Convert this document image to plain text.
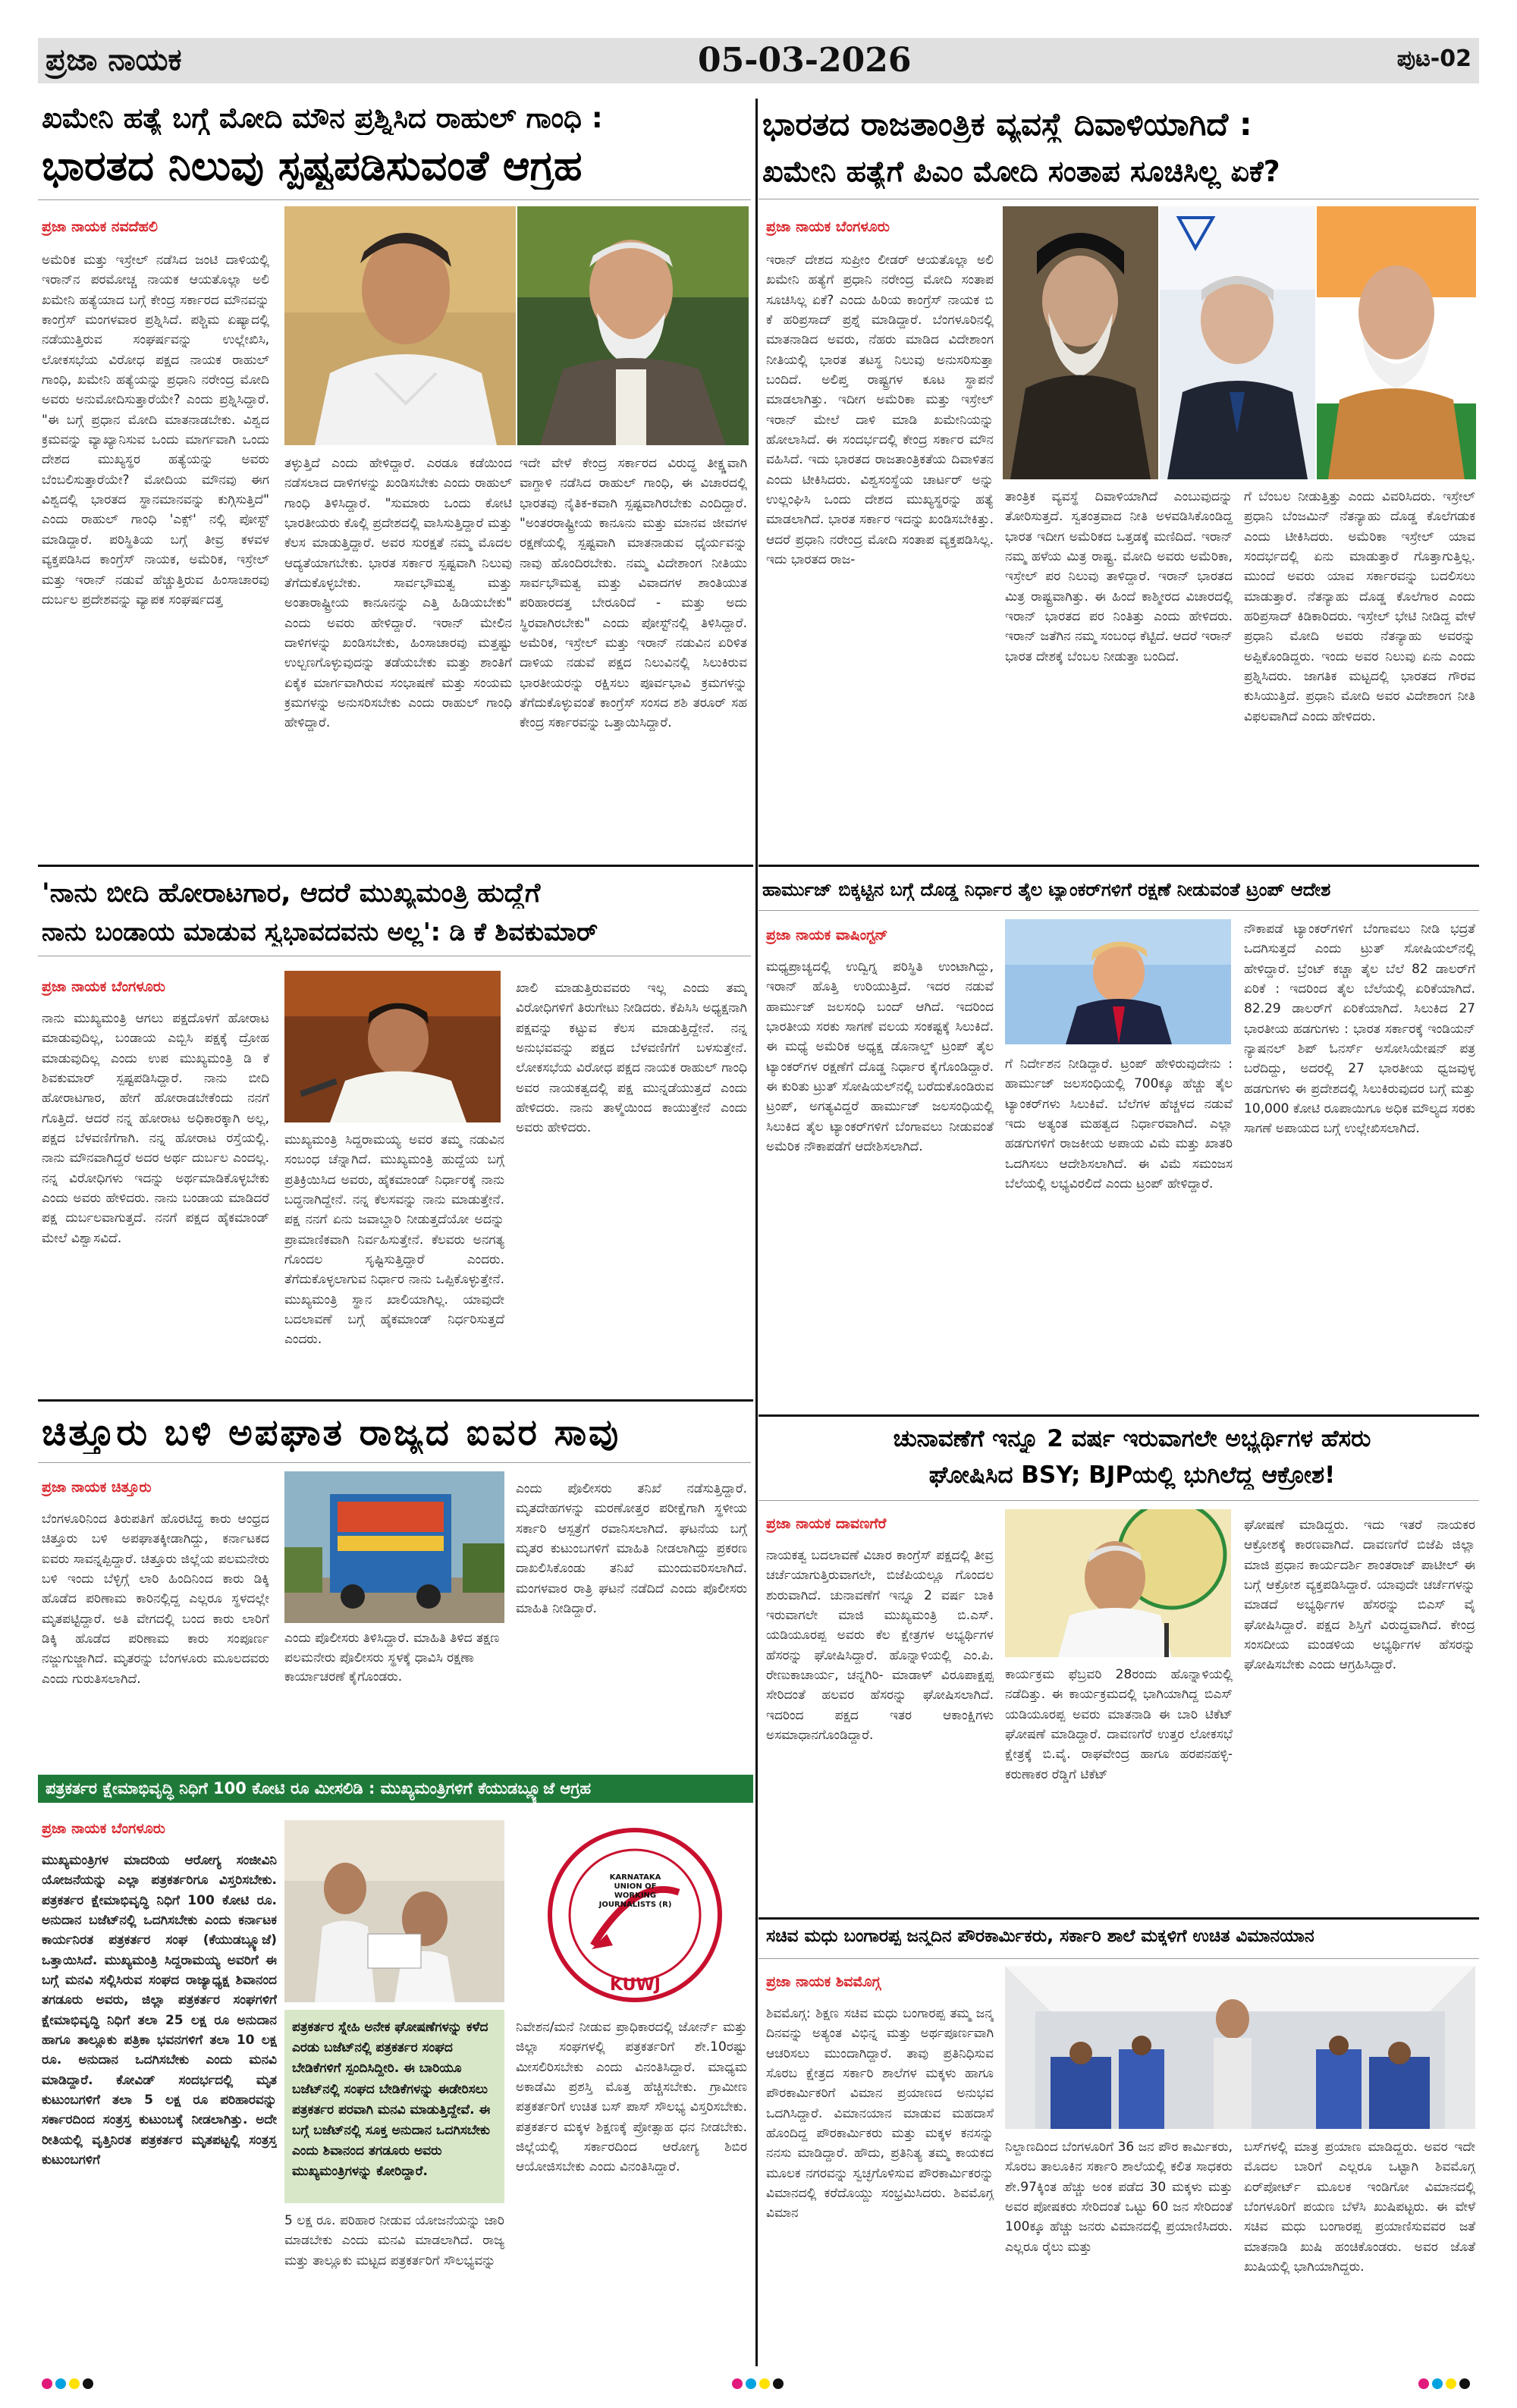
ಪ್ರಜಾ ನಾಯಕ	05-03-2026	ಪುಟ-02
ಖಮೇನಿ ಹತ್ಯೆ ಬಗ್ಗೆ ಮೋದಿ ಮೌನ ಪ್ರಶ್ನಿಸಿದ ರಾಹುಲ್ ಗಾಂಧಿ :
ಭಾರತದ ನಿಲುವು ಸ್ಪಷ್ಟಪಡಿಸುವಂತೆ ಆಗ್ರಹ
ಪ್ರಜಾ ನಾಯಕ ನವದೆಹಲಿ
ಅಮೆರಿಕ ಮತ್ತು ಇಸ್ರೇಲ್ ನಡೆಸಿದ ಜಂಟಿ ದಾಳಿಯಲ್ಲಿ ಇರಾನ್‌ನ ಪರಮೋಚ್ಚ ನಾಯಕ ಆಯತೊಲ್ಲಾ ಅಲಿ ಖಮೇನಿ ಹತ್ಯೆಯಾದ ಬಗ್ಗೆ ಕೇಂದ್ರ ಸರ್ಕಾರದ ಮೌನವನ್ನು ಕಾಂಗ್ರೆಸ್ ಮಂಗಳವಾರ ಪ್ರಶ್ನಿಸಿದೆ. ಪಶ್ಚಿಮ ಏಷ್ಯಾದಲ್ಲಿ ನಡೆಯುತ್ತಿರುವ ಸಂಘರ್ಷವನ್ನು ಉಲ್ಲೇಖಿಸಿ, ಲೋಕಸಭೆಯ ವಿರೋಧ ಪಕ್ಷದ ನಾಯಕ ರಾಹುಲ್ ಗಾಂಧಿ, ಖಮೇನಿ ಹತ್ಯೆಯನ್ನು ಪ್ರಧಾನಿ ನರೇಂದ್ರ ಮೋದಿ ಅವರು ಅನುಮೋದಿಸುತ್ತಾರೆಯೇ? ಎಂದು ಪ್ರಶ್ನಿಸಿದ್ದಾರೆ. "ಈ ಬಗ್ಗೆ ಪ್ರಧಾನ ಮೋದಿ ಮಾತನಾಡಬೇಕು. ವಿಶ್ವದ ಕ್ರಮವನ್ನು ವ್ಯಾಖ್ಯಾನಿಸುವ ಒಂದು ಮಾರ್ಗವಾಗಿ ಒಂದು ದೇಶದ ಮುಖ್ಯಸ್ಥರ ಹತ್ಯೆಯನ್ನು ಅವರು ಬೆಂಬಲಿಸುತ್ತಾರೆಯೇ? ಮೋದಿಯ ಮೌನವು ಈಗ ವಿಶ್ವದಲ್ಲಿ ಭಾರತದ ಸ್ಥಾನಮಾನವನ್ನು ಕುಗ್ಗಿಸುತ್ತಿದೆ" ಎಂದು ರಾಹುಲ್ ಗಾಂಧಿ 'ಎಕ್ಸ್' ನಲ್ಲಿ ಪೋಸ್ಟ್ ಮಾಡಿದ್ದಾರೆ. ಪರಿಸ್ಥಿತಿಯ ಬಗ್ಗೆ ತೀವ್ರ ಕಳವಳ ವ್ಯಕ್ತಪಡಿಸಿದ ಕಾಂಗ್ರೆಸ್ ನಾಯಕ, ಅಮೆರಿಕ, ಇಸ್ರೇಲ್ ಮತ್ತು ಇರಾನ್ ನಡುವೆ ಹೆಚ್ಚುತ್ತಿರುವ ಹಿಂಸಾಚಾರವು ದುರ್ಬಲ ಪ್ರದೇಶವನ್ನು ವ್ಯಾಪಕ ಸಂಘರ್ಷದತ್ತ
ತಳ್ಳುತ್ತಿದೆ ಎಂದು ಹೇಳಿದ್ದಾರೆ. ಎರಡೂ ಕಡೆಯಿಂದ ನಡೆಸಲಾದ ದಾಳಿಗಳನ್ನು ಖಂಡಿಸಬೇಕು ಎಂದು ರಾಹುಲ್ ಗಾಂಧಿ ತಿಳಿಸಿದ್ದಾರೆ. "ಸುಮಾರು ಒಂದು ಕೋಟಿ ಭಾರತೀಯರು ಕೊಲ್ಲಿ ಪ್ರದೇಶದಲ್ಲಿ ವಾಸಿಸುತ್ತಿದ್ದಾರೆ ಮತ್ತು ಕೆಲಸ ಮಾಡುತ್ತಿದ್ದಾರೆ. ಅವರ ಸುರಕ್ಷತೆ ನಮ್ಮ ಮೊದಲ ಆದ್ಯತೆಯಾಗಬೇಕು. ಭಾರತ ಸರ್ಕಾರ ಸ್ಪಷ್ಟವಾಗಿ ನಿಲುವು ತೆಗೆದುಕೊಳ್ಳಬೇಕು. ಸಾರ್ವಭೌಮತ್ವ ಮತ್ತು ಅಂತಾರಾಷ್ಟ್ರೀಯ ಕಾನೂನನ್ನು ಎತ್ತಿ ಹಿಡಿಯಬೇಕು" ಎಂದು ಅವರು ಹೇಳಿದ್ದಾರೆ. ಇರಾನ್ ಮೇಲಿನ ದಾಳಿಗಳನ್ನು ಖಂಡಿಸಬೇಕು, ಹಿಂಸಾಚಾರವು ಮತ್ತಷ್ಟು ಉಲ್ಬಣಗೊಳ್ಳುವುದನ್ನು ತಡೆಯಬೇಕು ಮತ್ತು ಶಾಂತಿಗೆ ಏಕೈಕ ಮಾರ್ಗವಾಗಿರುವ ಸಂಭಾಷಣೆ ಮತ್ತು ಸಂಯಮ ಕ್ರಮಗಳನ್ನು ಅನುಸರಿಸಬೇಕು ಎಂದು ರಾಹುಲ್ ಗಾಂಧಿ ಹೇಳಿದ್ದಾರೆ.
ಇದೇ ವೇಳೆ ಕೇಂದ್ರ ಸರ್ಕಾರದ ವಿರುದ್ಧ ತೀಕ್ಷ್ಣವಾಗಿ ವಾಗ್ದಾಳಿ ನಡೆಸಿದ ರಾಹುಲ್ ಗಾಂಧಿ, ಈ ವಿಚಾರದಲ್ಲಿ ಭಾರತವು ನೈತಿಕ-ಕವಾಗಿ ಸ್ಪಷ್ಟವಾಗಿರಬೇಕು ಎಂದಿದ್ದಾರೆ. "ಅಂತರರಾಷ್ಟ್ರೀಯ ಕಾನೂನು ಮತ್ತು ಮಾನವ ಜೀವಗಳ ರಕ್ಷಣೆಯಲ್ಲಿ ಸ್ಪಷ್ಟವಾಗಿ ಮಾತನಾಡುವ ಧೈರ್ಯವನ್ನು ನಾವು ಹೊಂದಿರಬೇಕು. ನಮ್ಮ ವಿದೇಶಾಂಗ ನೀತಿಯು ಸಾರ್ವಭೌಮತ್ವ ಮತ್ತು ವಿವಾದಗಳ ಶಾಂತಿಯುತ ಪರಿಹಾರದತ್ತ ಬೇರೂರಿದೆ - ಮತ್ತು ಅದು ಸ್ಥಿರವಾಗಿರಬೇಕು" ಎಂದು ಪೋಸ್ಟ್‌ನಲ್ಲಿ ತಿಳಿಸಿದ್ದಾರೆ. ಅಮೆರಿಕ, ಇಸ್ರೇಲ್ ಮತ್ತು ಇರಾನ್ ನಡುವಿನ ಏರಿಳಿತ ದಾಳಿಯ ನಡುವೆ ಪಕ್ಷದ ನಿಲುವಿನಲ್ಲಿ ಸಿಲುಕಿರುವ ಭಾರತೀಯರನ್ನು ರಕ್ಷಿಸಲು ಪೂರ್ವಭಾವಿ ಕ್ರಮಗಳನ್ನು ತೆಗೆದುಕೊಳ್ಳುವಂತೆ ಕಾಂಗ್ರೆಸ್ ಸಂಸದ ಶಶಿ ತರೂರ್ ಸಹ ಕೇಂದ್ರ ಸರ್ಕಾರವನ್ನು ಒತ್ತಾಯಿಸಿದ್ದಾರೆ.
ಭಾರತದ ರಾಜತಾಂತ್ರಿಕ ವ್ಯವಸ್ಥೆ ದಿವಾಳಿಯಾಗಿದೆ :
ಖಮೇನಿ ಹತ್ಯೆಗೆ ಪಿಎಂ ಮೋದಿ ಸಂತಾಪ ಸೂಚಿಸಿಲ್ಲ ಏಕೆ?
ಪ್ರಜಾ ನಾಯಕ ಬೆಂಗಳೂರು
ಇರಾನ್ ದೇಶದ ಸುಪ್ರೀಂ ಲೀಡರ್ ಆಯತೊಲ್ಲಾ ಅಲಿ ಖಮೇನಿ ಹತ್ಯೆಗೆ ಪ್ರಧಾನಿ ನರೇಂದ್ರ ಮೋದಿ ಸಂತಾಪ ಸೂಚಿಸಿಲ್ಲ ಏಕೆ? ಎಂದು ಹಿರಿಯ ಕಾಂಗ್ರೆಸ್ ನಾಯಕ ಬಿ ಕೆ ಹರಿಪ್ರಸಾದ್ ಪ್ರಶ್ನೆ ಮಾಡಿದ್ದಾರೆ. ಬೆಂಗಳೂರಿನಲ್ಲಿ ಮಾತನಾಡಿದ ಅವರು, ನೆಹರು ಮಾಡಿದ ವಿದೇಶಾಂಗ ನೀತಿಯಲ್ಲಿ ಭಾರತ ತಟಸ್ಥ ನಿಲುವು ಅನುಸರಿಸುತ್ತಾ ಬಂದಿದೆ. ಅಲಿಪ್ತ ರಾಷ್ಟ್ರಗಳ ಕೂಟ ಸ್ಥಾಪನೆ ಮಾಡಲಾಗಿತ್ತು. ಇದೀಗ ಅಮೆರಿಕಾ ಮತ್ತು ಇಸ್ರೇಲ್ ಇರಾನ್ ಮೇಲೆ ದಾಳಿ ಮಾಡಿ ಖಮೇನಿಯನ್ನು ಹೋಲಾಸಿದೆ. ಈ ಸಂದರ್ಭದಲ್ಲಿ ಕೇಂದ್ರ ಸರ್ಕಾರ ಮೌನ ವಹಿಸಿದೆ. ಇದು ಭಾರತದ ರಾಜತಾಂತ್ರಿಕತೆಯ ದಿವಾಳಿತನ ಎಂದು ಟೀಕಿಸಿದರು. ವಿಶ್ವಸಂಸ್ಥೆಯ ಚಾರ್ಟರ್ ಅನ್ನು ಉಲ್ಲಂಘಿಸಿ ಒಂದು ದೇಶದ ಮುಖ್ಯಸ್ಥರನ್ನು ಹತ್ಯೆ ಮಾಡಲಾಗಿದೆ. ಭಾರತ ಸರ್ಕಾರ ಇದನ್ನು ಖಂಡಿಸಬೇಕಿತ್ತು. ಆದರೆ ಪ್ರಧಾನಿ ನರೇಂದ್ರ ಮೋದಿ ಸಂತಾಪ ವ್ಯಕ್ತಪಡಿಸಿಲ್ಲ. ಇದು ಭಾರತದ ರಾಜ-
ತಾಂತ್ರಿಕ ವ್ಯವಸ್ಥೆ ದಿವಾಳಿಯಾಗಿದೆ ಎಂಬುವುದನ್ನು ತೋರಿಸುತ್ತದೆ. ಸ್ವತಂತ್ರವಾದ ನೀತಿ ಅಳವಡಿಸಿಕೊಂಡಿದ್ದ ಭಾರತ ಇದೀಗ ಅಮೆರಿಕದ ಒತ್ತಡಕ್ಕೆ ಮಣಿದಿದೆ. ಇರಾನ್ ನಮ್ಮ ಹಳೆಯ ಮಿತ್ರ ರಾಷ್ಟ್ರ. ಮೋದಿ ಅವರು ಅಮೆರಿಕಾ, ಇಸ್ರೇಲ್ ಪರ ನಿಲುವು ತಾಳಿದ್ದಾರೆ. ಇರಾನ್ ಭಾರತದ ಮಿತ್ರ ರಾಷ್ಟ್ರವಾಗಿತ್ತು. ಈ ಹಿಂದೆ ಕಾಶ್ಮೀರದ ವಿಚಾರದಲ್ಲಿ ಇರಾನ್ ಭಾರತದ ಪರ ನಿಂತಿತ್ತು ಎಂದು ಹೇಳಿದರು. ಇರಾನ್ ಜತೆಗಿನ ನಮ್ಮ ಸಂಬಂಧ ಕೆಟ್ಟಿದೆ. ಆದರೆ ಇರಾನ್ ಭಾರತ ದೇಶಕ್ಕೆ ಬೆಂಬಲ ನೀಡುತ್ತಾ ಬಂದಿದೆ.
ಗೆ ಬೆಂಬಲ ನೀಡುತ್ತಿತ್ತು ಎಂದು ವಿವರಿಸಿದರು. ಇಸ್ರೇಲ್ ಪ್ರಧಾನಿ ಬೆಂಜಮಿನ್ ನೆತನ್ಯಾಹು ದೊಡ್ಡ ಕೊಲೆಗಡುಕ ಎಂದು ಟೀಕಿಸಿದರು. ಅಮೆರಿಕಾ ಇಸ್ರೇಲ್ ಯಾವ ಸಂದರ್ಭದಲ್ಲಿ ಏನು ಮಾಡುತ್ತಾರೆ ಗೊತ್ತಾಗುತ್ತಿಲ್ಲ. ಮುಂದೆ ಅವರು ಯಾವ ಸರ್ಕಾರವನ್ನು ಬದಲಿಸಲು ಮಾಡುತ್ತಾರೆ. ನೆತನ್ಯಾಹು ದೊಡ್ಡ ಕೊಲೆಗಾರ ಎಂದು ಹರಿಪ್ರಸಾದ್ ಕಿಡಿಕಾರಿದರು. ಇಸ್ರೇಲ್ ಭೇಟಿ ನೀಡಿದ್ದ ವೇಳೆ ಪ್ರಧಾನಿ ಮೋದಿ ಅವರು ನೆತನ್ಯಾಹು ಅವರನ್ನು ಅಪ್ಪಿಕೊಂಡಿದ್ದರು. ಇಂದು ಅವರ ನಿಲುವು ಏನು ಎಂದು ಪ್ರಶ್ನಿಸಿದರು. ಜಾಗತಿಕ ಮಟ್ಟದಲ್ಲಿ ಭಾರತದ ಗೌರವ ಕುಸಿಯುತ್ತಿದೆ. ಪ್ರಧಾನಿ ಮೋದಿ ಅವರ ವಿದೇಶಾಂಗ ನೀತಿ ವಿಫಲವಾಗಿದೆ ಎಂದು ಹೇಳಿದರು.
'ನಾನು ಬೀದಿ ಹೋರಾಟಗಾರ, ಆದರೆ ಮುಖ್ಯಮಂತ್ರಿ ಹುದ್ದೆಗೆ
ನಾನು ಬಂಡಾಯ ಮಾಡುವ ಸ್ವಭಾವದವನು ಅಲ್ಲ': ಡಿ ಕೆ ಶಿವಕುಮಾರ್
ಪ್ರಜಾ ನಾಯಕ ಬೆಂಗಳೂರು
ನಾನು ಮುಖ್ಯಮಂತ್ರಿ ಆಗಲು ಪಕ್ಷದೊಳಗೆ ಹೋರಾಟ ಮಾಡುವುದಿಲ್ಲ, ಬಂಡಾಯ ಎಬ್ಬಿಸಿ ಪಕ್ಷಕ್ಕೆ ದ್ರೋಹ ಮಾಡುವುದಿಲ್ಲ ಎಂದು ಉಪ ಮುಖ್ಯಮಂತ್ರಿ ಡಿ ಕೆ ಶಿವಕುಮಾರ್ ಸ್ಪಷ್ಟಪಡಿಸಿದ್ದಾರೆ. ನಾನು ಬೀದಿ ಹೋರಾಟಗಾರ, ಹೇಗೆ ಹೋರಾಡಬೇಕೆಂದು ನನಗೆ ಗೊತ್ತಿದೆ. ಆದರೆ ನನ್ನ ಹೋರಾಟ ಅಧಿಕಾರಕ್ಕಾಗಿ ಅಲ್ಲ, ಪಕ್ಷದ ಬೆಳವಣಿಗೆಗಾಗಿ. ನನ್ನ ಹೋರಾಟ ರಸ್ತೆಯಲ್ಲಿ. ನಾನು ಮೌನವಾಗಿದ್ದರೆ ಅದರ ಅರ್ಥ ದುರ್ಬಲ ಎಂದಲ್ಲ. ನನ್ನ ವಿರೋಧಿಗಳು ಇದನ್ನು ಅರ್ಥಮಾಡಿಕೊಳ್ಳಬೇಕು ಎಂದು ಅವರು ಹೇಳಿದರು. ನಾನು ಬಂಡಾಯ ಮಾಡಿದರೆ ಪಕ್ಷ ದುರ್ಬಲವಾಗುತ್ತದೆ. ನನಗೆ ಪಕ್ಷದ ಹೈಕಮಾಂಡ್ ಮೇಲೆ ವಿಶ್ವಾಸವಿದೆ.
ಮುಖ್ಯಮಂತ್ರಿ ಸಿದ್ದರಾಮಯ್ಯ ಅವರ ತಮ್ಮ ನಡುವಿನ ಸಂಬಂಧ ಚೆನ್ನಾಗಿದೆ. ಮುಖ್ಯಮಂತ್ರಿ ಹುದ್ದೆಯ ಬಗ್ಗೆ ಪ್ರತಿಕ್ರಿಯಿಸಿದ ಅವರು, ಹೈಕಮಾಂಡ್ ನಿರ್ಧಾರಕ್ಕೆ ನಾನು ಬದ್ಧನಾಗಿದ್ದೇನೆ. ನನ್ನ ಕೆಲಸವನ್ನು ನಾನು ಮಾಡುತ್ತೇನೆ. ಪಕ್ಷ ನನಗೆ ಏನು ಜವಾಬ್ದಾರಿ ನೀಡುತ್ತದೆಯೋ ಅದನ್ನು ಪ್ರಾಮಾಣಿಕವಾಗಿ ನಿರ್ವಹಿಸುತ್ತೇನೆ. ಕೆಲವರು ಅನಗತ್ಯ ಗೊಂದಲ ಸೃಷ್ಟಿಸುತ್ತಿದ್ದಾರೆ ಎಂದರು. ತೆಗೆದುಕೊಳ್ಳಲಾಗುವ ನಿರ್ಧಾರ ನಾನು ಒಪ್ಪಿಕೊಳ್ಳುತ್ತೇನೆ. ಮುಖ್ಯಮಂತ್ರಿ ಸ್ಥಾನ ಖಾಲಿಯಾಗಿಲ್ಲ. ಯಾವುದೇ ಬದಲಾವಣೆ ಬಗ್ಗೆ ಹೈಕಮಾಂಡ್ ನಿರ್ಧರಿಸುತ್ತದೆ ಎಂದರು.
ಖಾಲಿ ಮಾಡುತ್ತಿರುವವರು ಇಲ್ಲ ಎಂದು ತಮ್ಮ ವಿರೋಧಿಗಳಿಗೆ ತಿರುಗೇಟು ನೀಡಿದರು. ಕೆಪಿಸಿಸಿ ಅಧ್ಯಕ್ಷನಾಗಿ ಪಕ್ಷವನ್ನು ಕಟ್ಟುವ ಕೆಲಸ ಮಾಡುತ್ತಿದ್ದೇನೆ. ನನ್ನ ಅನುಭವವನ್ನು ಪಕ್ಷದ ಬೆಳವಣಿಗೆಗೆ ಬಳಸುತ್ತೇನೆ. ಲೋಕಸಭೆಯ ವಿರೋಧ ಪಕ್ಷದ ನಾಯಕ ರಾಹುಲ್ ಗಾಂಧಿ ಅವರ ನಾಯಕತ್ವದಲ್ಲಿ ಪಕ್ಷ ಮುನ್ನಡೆಯುತ್ತದೆ ಎಂದು ಹೇಳಿದರು. ನಾನು ತಾಳ್ಮೆಯಿಂದ ಕಾಯುತ್ತೇನೆ ಎಂದು ಅವರು ಹೇಳಿದರು.
ಹಾರ್ಮುಜ್ ಬಿಕ್ಕಟ್ಟಿನ ಬಗ್ಗೆ ದೊಡ್ಡ ನಿರ್ಧಾರ ತೈಲ ಟ್ಯಾಂಕರ್‌ಗಳಿಗೆ ರಕ್ಷಣೆ ನೀಡುವಂತೆ ಟ್ರಂಪ್ ಆದೇಶ
ಪ್ರಜಾ ನಾಯಕ ವಾಷಿಂಗ್ಟನ್
ಮಧ್ಯಪ್ರಾಚ್ಯದಲ್ಲಿ ಉದ್ವಿಗ್ನ ಪರಿಸ್ಥಿತಿ ಉಂಟಾಗಿದ್ದು, ಇರಾನ್ ಹೊತ್ತಿ ಉರಿಯುತ್ತಿದೆ. ಇದರ ನಡುವೆ ಹಾರ್ಮುಜ್ ಜಲಸಂಧಿ ಬಂದ್ ಆಗಿದೆ. ಇದರಿಂದ ಭಾರತೀಯ ಸರಕು ಸಾಗಣೆ ವಲಯ ಸಂಕಷ್ಟಕ್ಕೆ ಸಿಲುಕಿದೆ. ಈ ಮಧ್ಯೆ ಅಮೆರಿಕ ಅಧ್ಯಕ್ಷ ಡೊನಾಲ್ಡ್ ಟ್ರಂಪ್ ತೈಲ ಟ್ಯಾಂಕರ್‌ಗಳ ರಕ್ಷಣೆಗೆ ದೊಡ್ಡ ನಿರ್ಧಾರ ಕೈಗೊಂಡಿದ್ದಾರೆ. ಈ ಕುರಿತು ಟ್ರುತ್ ಸೋಷಿಯಲ್‌ನಲ್ಲಿ ಬರೆದುಕೊಂಡಿರುವ ಟ್ರಂಪ್, ಅಗತ್ಯವಿದ್ದರೆ ಹಾರ್ಮುಜ್ ಜಲಸಂಧಿಯಲ್ಲಿ ಸಿಲುಕಿದ ತೈಲ ಟ್ಯಾಂಕರ್‌ಗಳಿಗೆ ಬೆಂಗಾವಲು ನೀಡುವಂತೆ ಅಮೆರಿಕ ನೌಕಾಪಡೆಗೆ ಆದೇಶಿಸಲಾಗಿದೆ.
ಗೆ ನಿರ್ದೇಶನ ನೀಡಿದ್ದಾರೆ. ಟ್ರಂಪ್ ಹೇಳಿರುವುದೇನು : ಹಾರ್ಮುಜ್ ಜಲಸಂಧಿಯಲ್ಲಿ 700ಕ್ಕೂ ಹೆಚ್ಚು ತೈಲ ಟ್ಯಾಂಕರ್‌ಗಳು ಸಿಲುಕಿವೆ. ಬೆಲೆಗಳ ಹೆಚ್ಚಳದ ನಡುವೆ ಇದು ಅತ್ಯಂತ ಮಹತ್ವದ ನಿರ್ಧಾರವಾಗಿದೆ. ಎಲ್ಲಾ ಹಡಗುಗಳಿಗೆ ರಾಜಕೀಯ ಅಪಾಯ ವಿಮೆ ಮತ್ತು ಖಾತರಿ ಒದಗಿಸಲು ಆದೇಶಿಸಲಾಗಿದೆ. ಈ ವಿಮೆ ಸಮಂಜಸ ಬೆಲೆಯಲ್ಲಿ ಲಭ್ಯವಿರಲಿದೆ ಎಂದು ಟ್ರಂಪ್ ಹೇಳಿದ್ದಾರೆ.
ನೌಕಾಪಡೆ ಟ್ಯಾಂಕರ್‌ಗಳಿಗೆ ಬೆಂಗಾವಲು ನೀಡಿ ಭದ್ರತೆ ಒದಗಿಸುತ್ತದೆ ಎಂದು ಟ್ರುತ್ ಸೋಷಿಯಲ್‌ನಲ್ಲಿ ಹೇಳಿದ್ದಾರೆ. ಬ್ರೆಂಟ್ ಕಚ್ಚಾ ತೈಲ ಬೆಲೆ 82 ಡಾಲರ್‌ಗೆ ಏರಿಕೆ : ಇದರಿಂದ ತೈಲ ಬೆಲೆಯಲ್ಲಿ ಏರಿಕೆಯಾಗಿದೆ. 82.29 ಡಾಲರ್‌ಗೆ ಏರಿಕೆಯಾಗಿದೆ. ಸಿಲುಕಿದ 27 ಭಾರತೀಯ ಹಡಗುಗಳು : ಭಾರತ ಸರ್ಕಾರಕ್ಕೆ ಇಂಡಿಯನ್ ನ್ಯಾಷನಲ್ ಶಿಪ್ ಓನರ್ಸ್ ಅಸೋಸಿಯೇಷನ್ ಪತ್ರ ಬರೆದಿದ್ದು, ಅದರಲ್ಲಿ 27 ಭಾರತೀಯ ಧ್ವಜವುಳ್ಳ ಹಡಗುಗಳು ಈ ಪ್ರದೇಶದಲ್ಲಿ ಸಿಲುಕಿರುವುದರ ಬಗ್ಗೆ ಮತ್ತು 10,000 ಕೋಟಿ ರೂಪಾಯಿಗೂ ಅಧಿಕ ಮೌಲ್ಯದ ಸರಕು ಸಾಗಣೆ ಅಪಾಯದ ಬಗ್ಗೆ ಉಲ್ಲೇಖಿಸಲಾಗಿದೆ.
ಚಿತ್ತೂರು ಬಳಿ ಅಪಘಾತ ರಾಜ್ಯದ ಐವರ ಸಾವು
ಪ್ರಜಾ ನಾಯಕ ಚಿತ್ತೂರು
ಬೆಂಗಳೂರಿನಿಂದ ತಿರುಪತಿಗೆ ಹೊರಟಿದ್ದ ಕಾರು ಆಂಧ್ರದ ಚಿತ್ತೂರು ಬಳಿ ಅಪಘಾತಕ್ಕೀಡಾಗಿದ್ದು, ಕರ್ನಾಟಕದ ಐವರು ಸಾವನ್ನಪ್ಪಿದ್ದಾರೆ. ಚಿತ್ತೂರು ಜಿಲ್ಲೆಯ ಪಲಮನೇರು ಬಳಿ ಇಂದು ಬೆಳ್ಳಿಗ್ಗೆ ಲಾರಿ ಹಿಂದಿನಿಂದ ಕಾರು ಡಿಕ್ಕಿ ಹೊಡೆದ ಪರಿಣಾಮ ಕಾರಿನಲ್ಲಿದ್ದ ಎಲ್ಲರೂ ಸ್ಥಳದಲ್ಲೇ ಮೃತಪಟ್ಟಿದ್ದಾರೆ. ಅತಿ ವೇಗದಲ್ಲಿ ಬಂದ ಕಾರು ಲಾರಿಗೆ ಡಿಕ್ಕಿ ಹೊಡೆದ ಪರಿಣಾಮ ಕಾರು ಸಂಪೂರ್ಣ ನಜ್ಜುಗುಜ್ಜಾಗಿದೆ. ಮೃತರನ್ನು ಬೆಂಗಳೂರು ಮೂಲದವರು ಎಂದು ಗುರುತಿಸಲಾಗಿದೆ.
ಎಂದು ಪೊಲೀಸರು ತಿಳಿಸಿದ್ದಾರೆ. ಮಾಹಿತಿ ತಿಳಿದ ತಕ್ಷಣ ಪಲಮನೇರು ಪೊಲೀಸರು ಸ್ಥಳಕ್ಕೆ ಧಾವಿಸಿ ರಕ್ಷಣಾ ಕಾರ್ಯಾಚರಣೆ ಕೈಗೊಂಡರು.
ಎಂದು ಪೊಲೀಸರು ತನಿಖೆ ನಡೆಸುತ್ತಿದ್ದಾರೆ. ಮೃತದೇಹಗಳನ್ನು ಮರಣೋತ್ತರ ಪರೀಕ್ಷೆಗಾಗಿ ಸ್ಥಳೀಯ ಸರ್ಕಾರಿ ಆಸ್ಪತ್ರೆಗೆ ರವಾನಿಸಲಾಗಿದೆ. ಘಟನೆಯ ಬಗ್ಗೆ ಮೃತರ ಕುಟುಂಬಗಳಿಗೆ ಮಾಹಿತಿ ನೀಡಲಾಗಿದ್ದು ಪ್ರಕರಣ ದಾಖಲಿಸಿಕೊಂಡು ತನಿಖೆ ಮುಂದುವರಿಸಲಾಗಿದೆ. ಮಂಗಳವಾರ ರಾತ್ರಿ ಘಟನೆ ನಡೆದಿದೆ ಎಂದು ಪೊಲೀಸರು ಮಾಹಿತಿ ನೀಡಿದ್ದಾರೆ.
ಪತ್ರಕರ್ತರ ಕ್ಷೇಮಾಭಿವೃದ್ಧಿ ನಿಧಿಗೆ 100 ಕೋಟಿ ರೂ ಮೀಸಲಿಡಿ : ಮುಖ್ಯಮಂತ್ರಿಗಳಿಗೆ ಕೆಯುಡಬ್ಲ್ಯೂಜೆ ಆಗ್ರಹ
ಪ್ರಜಾ ನಾಯಕ ಬೆಂಗಳೂರು
ಮುಖ್ಯಮಂತ್ರಿಗಳ ಮಾದರಿಯ ಆರೋಗ್ಯ ಸಂಜೀವಿನಿ ಯೋಜನೆಯನ್ನು ಎಲ್ಲಾ ಪತ್ರಕರ್ತರಿಗೂ ವಿಸ್ತರಿಸಬೇಕು. ಪತ್ರಕರ್ತರ ಕ್ಷೇಮಾಭಿವೃದ್ಧಿ ನಿಧಿಗೆ 100 ಕೋಟಿ ರೂ. ಅನುದಾನ ಬಜೆಟ್‌ನಲ್ಲಿ ಒದಗಿಸಬೇಕು ಎಂದು ಕರ್ನಾಟಕ ಕಾರ್ಯನಿರತ ಪತ್ರಕರ್ತರ ಸಂಘ (ಕೆಯುಡಬ್ಲ್ಯೂಜೆ) ಒತ್ತಾಯಿಸಿದೆ. ಮುಖ್ಯಮಂತ್ರಿ ಸಿದ್ದರಾಮಯ್ಯ ಅವರಿಗೆ ಈ ಬಗ್ಗೆ ಮನವಿ ಸಲ್ಲಿಸಿರುವ ಸಂಘದ ರಾಜ್ಯಾಧ್ಯಕ್ಷ ಶಿವಾನಂದ ತಗಡೂರು ಅವರು, ಜಿಲ್ಲಾ ಪತ್ರಕರ್ತರ ಸಂಘಗಳಿಗೆ ಕ್ಷೇಮಾಭಿವೃದ್ಧಿ ನಿಧಿಗೆ ತಲಾ 25 ಲಕ್ಷ ರೂ ಅನುದಾನ ಹಾಗೂ ತಾಲ್ಲೂಕು ಪತ್ರಿಕಾ ಭವನಗಳಿಗೆ ತಲಾ 10 ಲಕ್ಷ ರೂ. ಅನುದಾನ ಒದಗಿಸಬೇಕು ಎಂದು ಮನವಿ ಮಾಡಿದ್ದಾರೆ. ಕೋವಿಡ್ ಸಂದರ್ಭದಲ್ಲಿ ಮೃತ ಕುಟುಂಬಗಳಿಗೆ ತಲಾ 5 ಲಕ್ಷ ರೂ ಪರಿಹಾರವನ್ನು ಸರ್ಕಾರದಿಂದ ಸಂತ್ರಸ್ತ ಕುಟುಂಬಕ್ಕೆ ನೀಡಲಾಗಿತ್ತು. ಅದೇ ರೀತಿಯಲ್ಲಿ ವೃತ್ತಿನಿರತ ಪತ್ರಕರ್ತರ ಮೃತಪಟ್ಟಲ್ಲಿ ಸಂತ್ರಸ್ತ ಕುಟುಂಬಗಳಿಗೆ
ಪತ್ರಕರ್ತರ ಸ್ನೇಹಿ ಅನೇಕ ಘೋಷಣೆಗಳನ್ನು ಕಳೆದ ಎರಡು ಬಜೆಟ್‌ನಲ್ಲಿ ಪತ್ರಕರ್ತರ ಸಂಘದ ಬೇಡಿಕೆಗಳಿಗೆ ಸ್ಪಂದಿಸಿದ್ದೀರಿ. ಈ ಬಾರಿಯೂ ಬಜೆಟ್‌ನಲ್ಲಿ ಸಂಘದ ಬೇಡಿಕೆಗಳನ್ನು ಈಡೇರಿಸಲು ಪತ್ರಕರ್ತರ ಪರವಾಗಿ ಮನವಿ ಮಾಡುತ್ತಿದ್ದೇವೆ. ಈ ಬಗ್ಗೆ ಬಜೆಟ್‌ನಲ್ಲಿ ಸೂಕ್ತ ಅನುದಾನ ಒದಗಿಸಬೇಕು ಎಂದು ಶಿವಾನಂದ ತಗಡೂರು ಅವರು ಮುಖ್ಯಮಂತ್ರಿಗಳನ್ನು ಕೋರಿದ್ದಾರೆ.
5 ಲಕ್ಷ ರೂ. ಪರಿಹಾರ ನೀಡುವ ಯೋಜನೆಯನ್ನು ಜಾರಿ ಮಾಡಬೇಕು ಎಂದು ಮನವಿ ಮಾಡಲಾಗಿದೆ. ರಾಜ್ಯ ಮತ್ತು ತಾಲ್ಲೂಕು ಮಟ್ಟದ ಪತ್ರಕರ್ತರಿಗೆ ಸೌಲಭ್ಯವನ್ನು
KARNATAKA UNION OF WORKING JOURNALISTS (R)
KUWJ
ನಿವೇಶನ/ಮನೆ ನೀಡುವ ಪ್ರಾಧಿಕಾರದಲ್ಲಿ ಜೋರ್ನ್ ಮತ್ತು ಜಿಲ್ಲಾ ಸಂಘಗಳಲ್ಲಿ ಪತ್ರಕರ್ತರಿಗೆ ಶೇ.10ರಷ್ಟು ಮೀಸಲಿರಿಸಬೇಕು ಎಂದು ವಿನಂತಿಸಿದ್ದಾರೆ. ಮಾಧ್ಯಮ ಅಕಾಡೆಮಿ ಪ್ರಶಸ್ತಿ ಮೊತ್ತ ಹೆಚ್ಚಿಸಬೇಕು. ಗ್ರಾಮೀಣ ಪತ್ರಕರ್ತರಿಗೆ ಉಚಿತ ಬಸ್ ಪಾಸ್ ಸೌಲಭ್ಯ ವಿಸ್ತರಿಸಬೇಕು. ಪತ್ರಕರ್ತರ ಮಕ್ಕಳ ಶಿಕ್ಷಣಕ್ಕೆ ಪ್ರೋತ್ಸಾಹ ಧನ ನೀಡಬೇಕು. ಜಿಲ್ಲೆಯಲ್ಲಿ ಸರ್ಕಾರದಿಂದ ಆರೋಗ್ಯ ಶಿಬಿರ ಆಯೋಜಿಸಬೇಕು ಎಂದು ವಿನಂತಿಸಿದ್ದಾರೆ.
ಚುನಾವಣೆಗೆ ಇನ್ನೂ 2 ವರ್ಷ ಇರುವಾಗಲೇ ಅಭ್ಯರ್ಥಿಗಳ ಹೆಸರು
ಘೋಷಿಸಿದ BSY; BJPಯಲ್ಲಿ ಭುಗಿಲೆದ್ದ ಆಕ್ರೋಶ!
ಪ್ರಜಾ ನಾಯಕ ದಾವಣಗೆರೆ
ನಾಯಕತ್ವ ಬದಲಾವಣೆ ವಿಚಾರ ಕಾಂಗ್ರೆಸ್ ಪಕ್ಷದಲ್ಲಿ ತೀವ್ರ ಚರ್ಚೆಯಾಗುತ್ತಿರುವಾಗಲೇ, ಬಿಜೆಪಿಯಲ್ಲೂ ಗೊಂದಲ ಶುರುವಾಗಿದೆ. ಚುನಾವಣೆಗೆ ಇನ್ನೂ 2 ವರ್ಷ ಬಾಕಿ ಇರುವಾಗಲೇ ಮಾಜಿ ಮುಖ್ಯಮಂತ್ರಿ ಬಿ.ಎಸ್. ಯಡಿಯೂರಪ್ಪ ಅವರು ಕೆಲ ಕ್ಷೇತ್ರಗಳ ಅಭ್ಯರ್ಥಿಗಳ ಹೆಸರನ್ನು ಘೋಷಿಸಿದ್ದಾರೆ. ಹೊನ್ನಾಳಿಯಲ್ಲಿ ಎಂ.ಪಿ. ರೇಣುಕಾಚಾರ್ಯ, ಚನ್ನಗಿರಿ- ಮಾಡಾಳ್ ವಿರೂಪಾಕ್ಷಪ್ಪ ಸೇರಿದಂತೆ ಹಲವರ ಹೆಸರನ್ನು ಘೋಷಿಸಲಾಗಿದೆ. ಇದರಿಂದ ಪಕ್ಷದ ಇತರ ಆಕಾಂಕ್ಷಿಗಳು ಅಸಮಾಧಾನಗೊಂಡಿದ್ದಾರೆ.
ಕಾರ್ಯಕ್ರಮ ಫೆಬ್ರವರಿ 28ರಂದು ಹೊನ್ನಾಳಿಯಲ್ಲಿ ನಡೆದಿತ್ತು. ಈ ಕಾರ್ಯಕ್ರಮದಲ್ಲಿ ಭಾಗಿಯಾಗಿದ್ದ ಬಿಎಸ್ ಯಡಿಯೂರಪ್ಪ ಅವರು ಮಾತನಾಡಿ ಈ ಬಾರಿ ಟಿಕೆಟ್ ಘೋಷಣೆ ಮಾಡಿದ್ದಾರೆ. ದಾವಣಗೆರೆ ಉತ್ತರ ಲೋಕಸಭೆ ಕ್ಷೇತ್ರಕ್ಕೆ ಬಿ.ವೈ. ರಾಘವೇಂದ್ರ ಹಾಗೂ ಹರಪನಹಳ್ಳಿ-ಕರುಣಾಕರ ರೆಡ್ಡಿಗೆ ಟಿಕೆಟ್
ಘೋಷಣೆ ಮಾಡಿದ್ದರು. ಇದು ಇತರೆ ನಾಯಕರ ಆಕ್ರೋಶಕ್ಕೆ ಕಾರಣವಾಗಿದೆ. ದಾವಣಗೆರೆ ಬಿಜೆಪಿ ಜಿಲ್ಲಾ ಮಾಜಿ ಪ್ರಧಾನ ಕಾರ್ಯದರ್ಶಿ ಶಾಂತರಾಜ್ ಪಾಟೀಲ್ ಈ ಬಗ್ಗೆ ಆಕ್ರೋಶ ವ್ಯಕ್ತಪಡಿಸಿದ್ದಾರೆ. ಯಾವುದೇ ಚರ್ಚೆಗಳನ್ನು ಮಾಡದೆ ಅಭ್ಯರ್ಥಿಗಳ ಹೆಸರನ್ನು ಬಿಎಸ್ ವೈ ಘೋಷಿಸಿದ್ದಾರೆ. ಪಕ್ಷದ ಶಿಸ್ತಿಗೆ ವಿರುದ್ಧವಾಗಿದೆ. ಕೇಂದ್ರ ಸಂಸದೀಯ ಮಂಡಳಿಯ ಅಭ್ಯರ್ಥಿಗಳ ಹೆಸರನ್ನು ಘೋಷಿಸಬೇಕು ಎಂದು ಆಗ್ರಹಿಸಿದ್ದಾರೆ.
ಸಚಿವ ಮಧು ಬಂಗಾರಪ್ಪ ಜನ್ಮದಿನ ಪೌರಕಾರ್ಮಿಕರು, ಸರ್ಕಾರಿ ಶಾಲೆ ಮಕ್ಕಳಿಗೆ ಉಚಿತ ವಿಮಾನಯಾನ
ಪ್ರಜಾ ನಾಯಕ ಶಿವಮೊಗ್ಗ
ಶಿವಮೊಗ್ಗ: ಶಿಕ್ಷಣ ಸಚಿವ ಮಧು ಬಂಗಾರಪ್ಪ ತಮ್ಮ ಜನ್ಮ ದಿನವನ್ನು ಅತ್ಯಂತ ವಿಭಿನ್ನ ಮತ್ತು ಅರ್ಥಪೂರ್ಣವಾಗಿ ಆಚರಿಸಲು ಮುಂದಾಗಿದ್ದಾರೆ. ತಾವು ಪ್ರತಿನಿಧಿಸುವ ಸೊರಬ ಕ್ಷೇತ್ರದ ಸರ್ಕಾರಿ ಶಾಲೆಗಳ ಮಕ್ಕಳು ಹಾಗೂ ಪೌರಕಾರ್ಮಿಕರಿಗೆ ವಿಮಾನ ಪ್ರಯಾಣದ ಅನುಭವ ಒದಗಿಸಿದ್ದಾರೆ. ವಿಮಾನಯಾನ ಮಾಡುವ ಮಹದಾಸೆ ಹೊಂದಿದ್ದ ಪೌರಕಾರ್ಮಿಕರು ಮತ್ತು ಮಕ್ಕಳ ಕನಸನ್ನು ನನಸು ಮಾಡಿದ್ದಾರೆ. ಹೌದು, ಪ್ರತಿನಿತ್ಯ ತಮ್ಮ ಕಾಯಕದ ಮೂಲಕ ನಗರವನ್ನು ಸ್ವಚ್ಛಗೊಳಿಸುವ ಪೌರಕಾರ್ಮಿಕರನ್ನು ವಿಮಾನದಲ್ಲಿ ಕರೆದೊಯ್ದು ಸಂಭ್ರಮಿಸಿದರು. ಶಿವಮೊಗ್ಗ ವಿಮಾನ
ನಿಲ್ದಾಣದಿಂದ ಬೆಂಗಳೂರಿಗೆ 36 ಜನ ಪೌರ ಕಾರ್ಮಿಕರು, ಸೊರಬ ತಾಲೂಕಿನ ಸರ್ಕಾರಿ ಶಾಲೆಯಲ್ಲಿ ಕಲಿತ ಸಾಧಕರು ಶೇ.97ಕ್ಕಿಂತ ಹೆಚ್ಚು ಅಂಕ ಪಡೆದ 30 ಮಕ್ಕಳು ಮತ್ತು ಅವರ ಪೋಷಕರು ಸೇರಿದಂತೆ ಒಟ್ಟು 60 ಜನ ಸೇರಿದಂತೆ 100ಕ್ಕೂ ಹೆಚ್ಚು ಜನರು ವಿಮಾನದಲ್ಲಿ ಪ್ರಯಾಣಿಸಿದರು. ಎಲ್ಲರೂ ರೈಲು ಮತ್ತು
ಬಸ್‌ಗಳಲ್ಲಿ ಮಾತ್ರ ಪ್ರಯಾಣ ಮಾಡಿದ್ದರು. ಅವರ ಇದೇ ಮೊದಲ ಬಾರಿಗೆ ಎಲ್ಲರೂ ಒಟ್ಟಾಗಿ ಶಿವಮೊಗ್ಗ ಏರ್‌ಪೋರ್ಟ್ ಮೂಲಕ ಇಂಡಿಗೋ ವಿಮಾನದಲ್ಲಿ ಬೆಂಗಳೂರಿಗೆ ಪಯಣ ಬೆಳೆಸಿ ಖುಷಿಪಟ್ಟರು. ಈ ವೇಳೆ ಸಚಿವ ಮಧು ಬಂಗಾರಪ್ಪ ಪ್ರಯಾಣಿಸುವವರ ಜತೆ ಮಾತನಾಡಿ ಖುಷಿ ಹಂಚಿಕೊಂಡರು. ಅವರ ಜೊತೆ ಖುಷಿಯಲ್ಲಿ ಭಾಗಿಯಾಗಿದ್ದರು.
